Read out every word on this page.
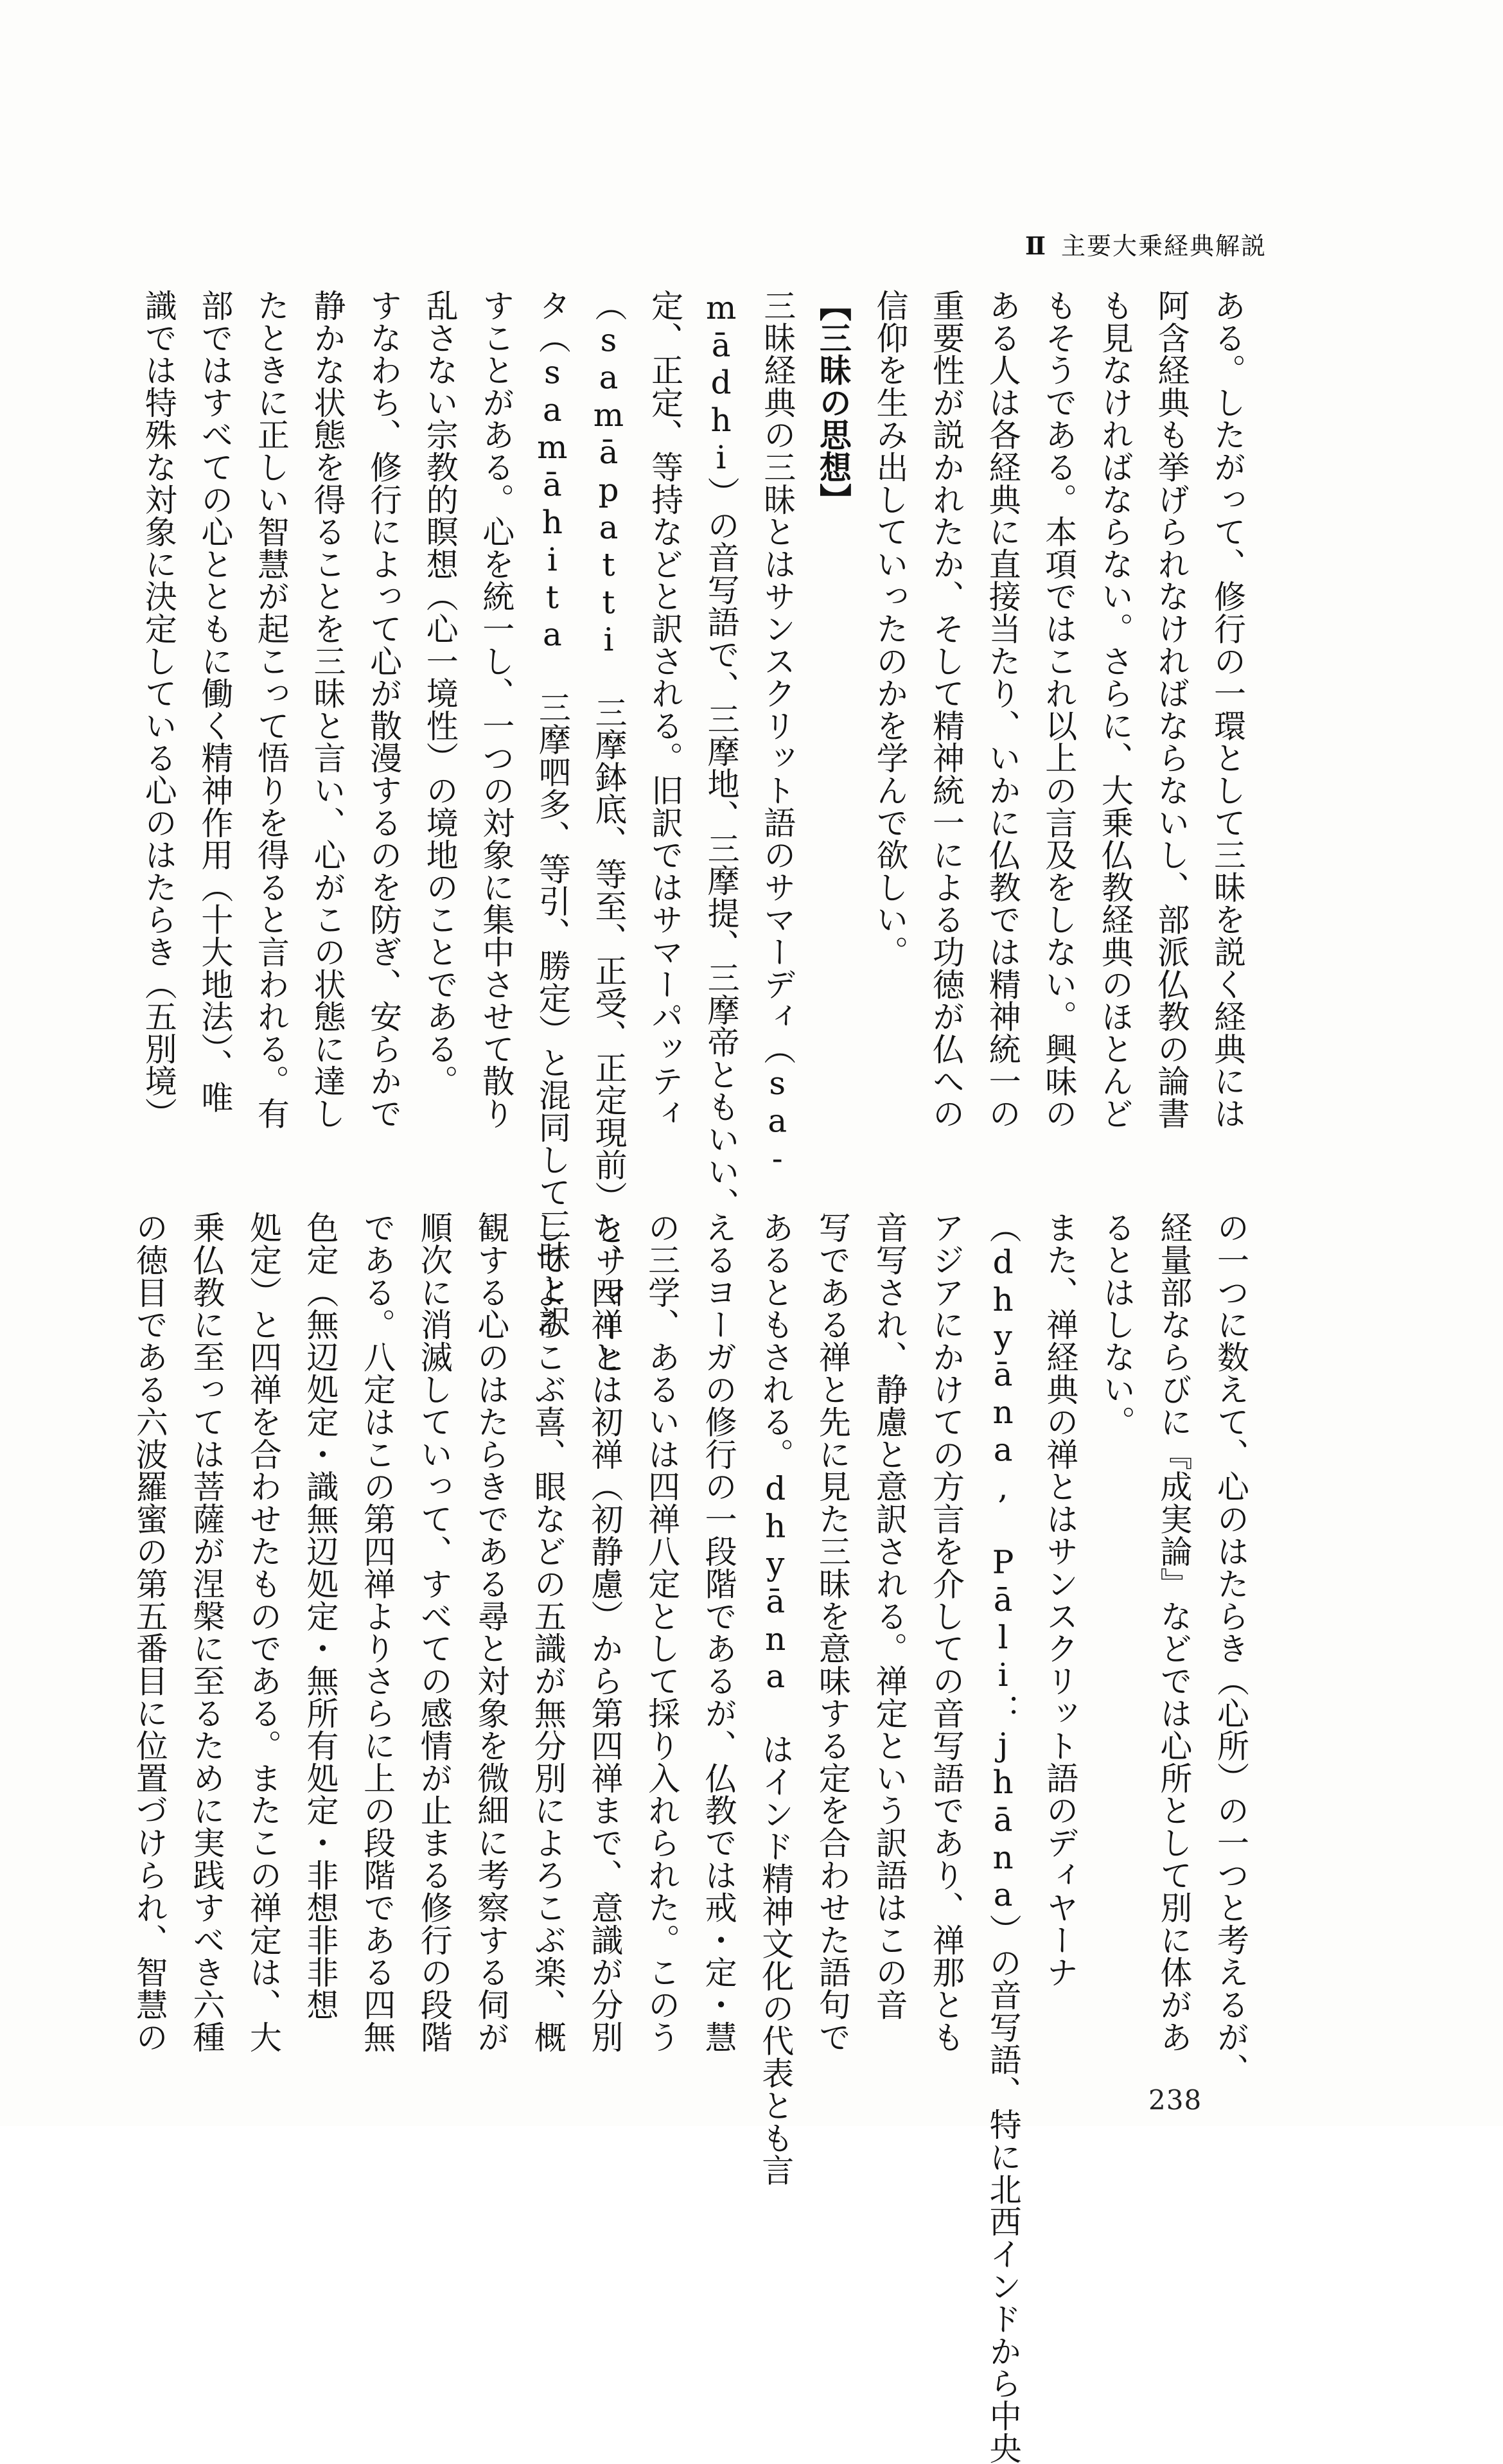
Ⅱ 主要大乗経典解説
ある。したがって、修行の一環として三昧を説く経典には
阿含経典も挙げられなければならないし、部派仏教の論書
も見なければならない。さらに、大乗仏教経典のほとんど
もそうである。本項ではこれ以上の言及をしない。興味の
ある人は各経典に直接当たり、いかに仏教では精神統一の
重要性が説かれたか、そして精神統一による功徳が仏への
信仰を生み出していったのかを学んで欲しい。
【三昧の思想】
三昧経典の三昧とはサンスクリット語のサマーディ（sa-
mādhi）の音写語で、三摩地、三摩提、三摩帝ともいい、
定、正定、等持などと訳される。旧訳ではサマーパッティ
（samāpatti 三摩鉢底、等至、正受、正定現前）とサマーヒ
タ（samāhita 三摩呬多、等引、勝定）と混同して三昧と訳
すことがある。心を統一し、一つの対象に集中させて散り
乱さない宗教的瞑想（心一境性）の境地のことである。
すなわち、修行によって心が散漫するのを防ぎ、安らかで
静かな状態を得ることを三昧と言い、心がこの状態に達し
たときに正しい智慧が起こって悟りを得ると言われる。有
部ではすべての心とともに働く精神作用（十大地法）、唯
識では特殊な対象に決定している心のはたらき（五別境）
の一つに数えて、心のはたらき（心所）の一つと考えるが、
経量部ならびに『成実論』などでは心所として別に体があ
るとはしない。
また、禅経典の禅とはサンスクリット語のディヤーナ
（dhyāna, Pāli：jhāna）の音写語、特に北西インドから中央
アジアにかけての方言を介しての音写語であり、禅那とも
音写され、静慮と意訳される。禅定という訳語はこの音
写である禅と先に見た三昧を意味する定を合わせた語句で
あるともされる。dhyāna はインド精神文化の代表とも言
えるヨーガの修行の一段階であるが、仏教では戒・定・慧
の三学、あるいは四禅八定として採り入れられた。このう
ち、四禅とは初禅（初静慮）から第四禅まで、意識が分別
してよろこぶ喜、眼などの五識が無分別によろこぶ楽、概
観する心のはたらきである尋と対象を微細に考察する伺が
順次に消滅していって、すべての感情が止まる修行の段階
である。八定はこの第四禅よりさらに上の段階である四無
色定（無辺処定・識無辺処定・無所有処定・非想非非想
処定）と四禅を合わせたものである。またこの禅定は、大
乗仏教に至っては菩薩が涅槃に至るために実践すべき六種
の徳目である六波羅蜜の第五番目に位置づけられ、智慧の
238
